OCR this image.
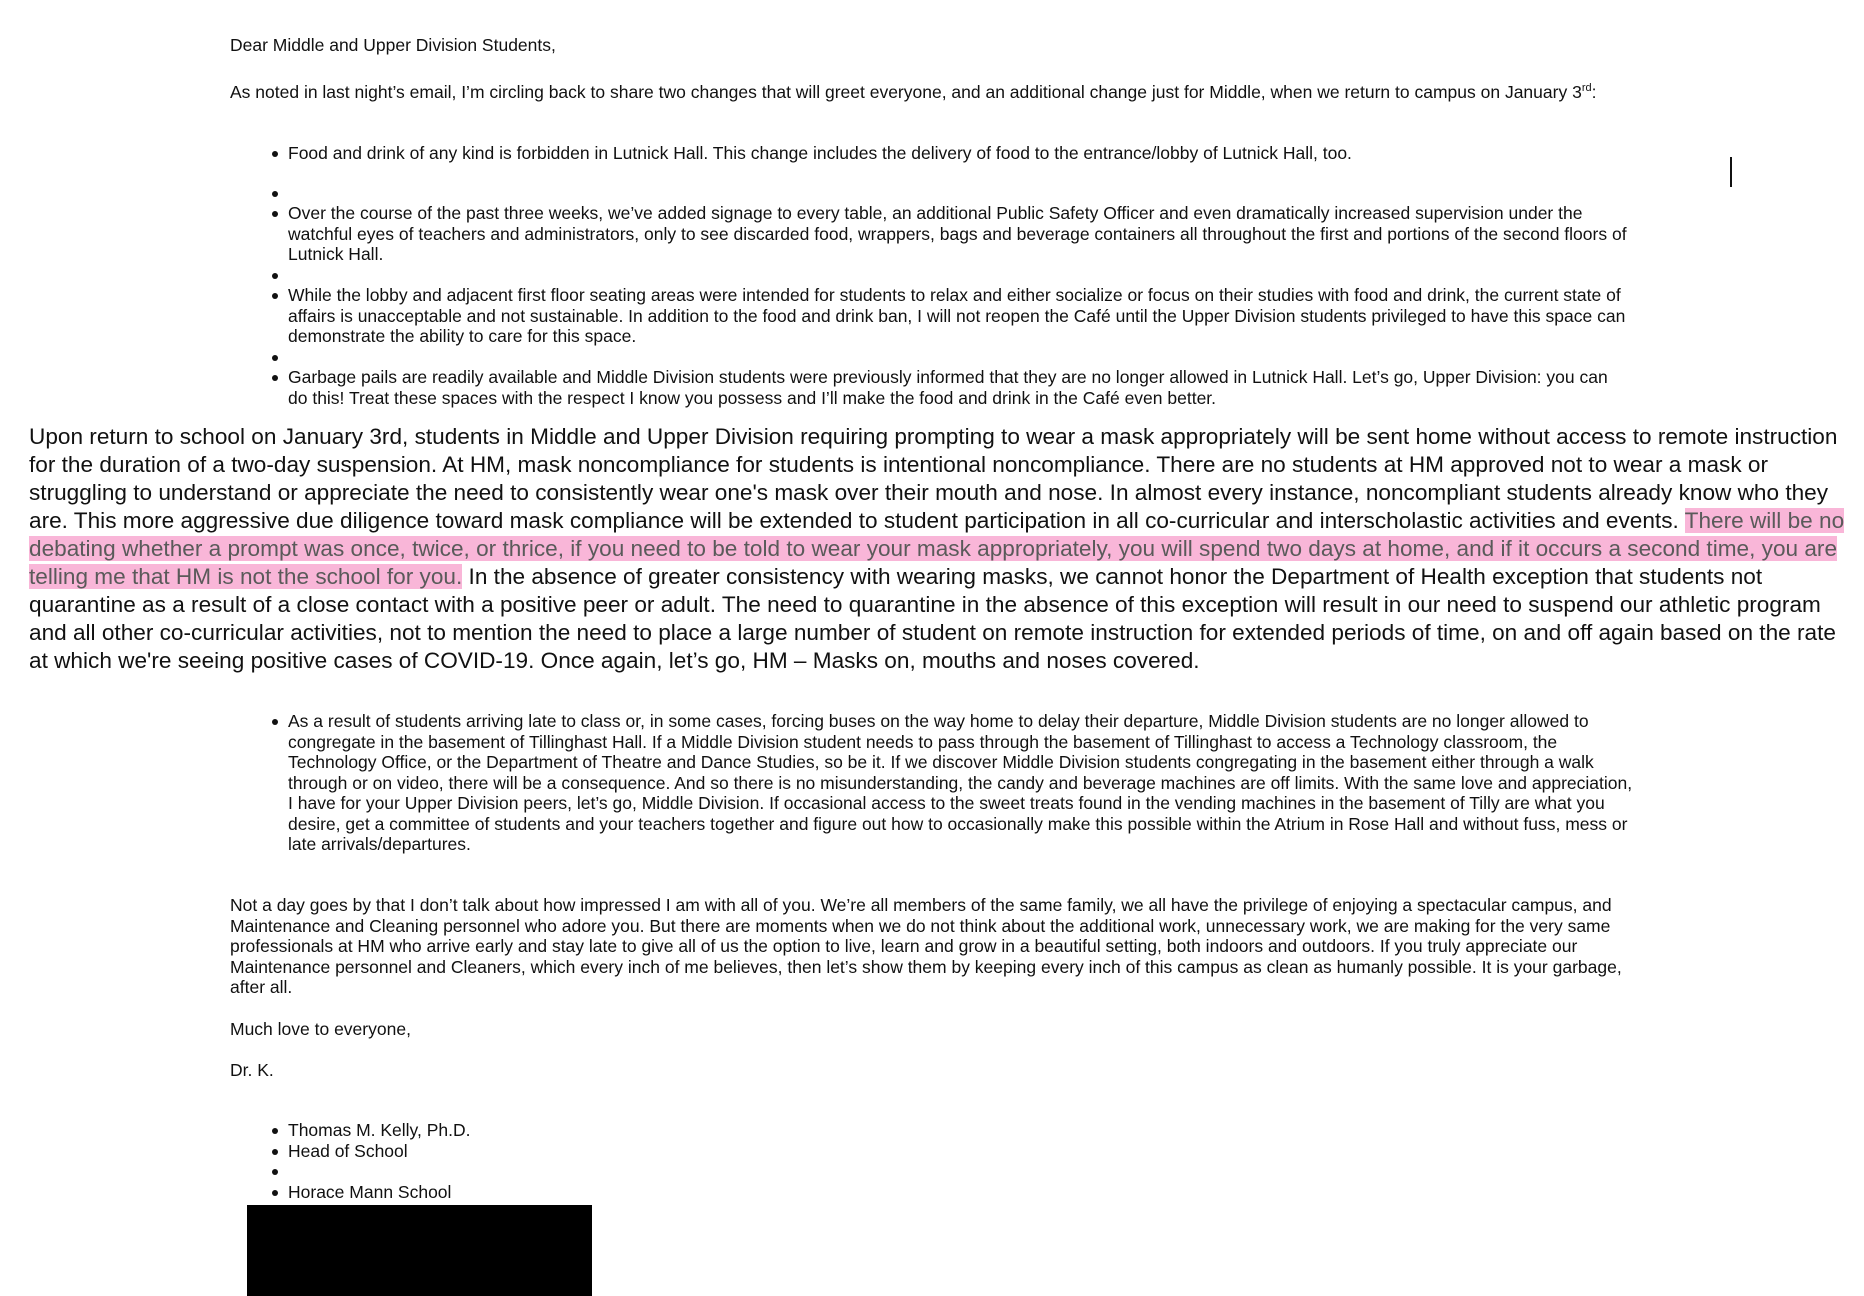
Dear Middle and Upper Division Students,

As noted in last night’s email, I’m circling back to share two changes that will greet everyone, and an additional change just for Middle, when we return to campus on January 3rd:

Food and drink of any kind is forbidden in Lutnick Hall. This change includes the delivery of food to the entrance/lobby of Lutnick Hall, too.
Over the course of the past three weeks, we’ve added signage to every table, an additional Public Safety Officer and even dramatically increased supervision under the watchful eyes of teachers and administrators, only to see discarded food, wrappers, bags and beverage containers all throughout the first and portions of the second floors of Lutnick Hall.
While the lobby and adjacent first floor seating areas were intended for students to relax and either socialize or focus on their studies with food and drink, the current state of affairs is unacceptable and not sustainable. In addition to the food and drink ban, I will not reopen the Café until the Upper Division students privileged to have this space can demonstrate the ability to care for this space.
Garbage pails are readily available and Middle Division students were previously informed that they are no longer allowed in Lutnick Hall. Let’s go, Upper Division: you can do this! Treat these spaces with the respect I know you possess and I’ll make the food and drink in the Café even better.

Upon return to school on January 3rd, students in Middle and Upper Division requiring prompting to wear a mask appropriately will be sent home without access to remote instruction for the duration of a two-day suspension. At HM, mask noncompliance for students is intentional noncompliance. There are no students at HM approved not to wear a mask or struggling to understand or appreciate the need to consistently wear one's mask over their mouth and nose. In almost every instance, noncompliant students already know who they are. This more aggressive due diligence toward mask compliance will be extended to student participation in all co-curricular and interscholastic activities and events. There will be no debating whether a prompt was once, twice, or thrice, if you need to be told to wear your mask appropriately, you will spend two days at home, and if it occurs a second time, you are telling me that HM is not the school for you. In the absence of greater consistency with wearing masks, we cannot honor the Department of Health exception that students not quarantine as a result of a close contact with a positive peer or adult. The need to quarantine in the absence of this exception will result in our need to suspend our athletic program and all other co-curricular activities, not to mention the need to place a large number of student on remote instruction for extended periods of time, on and off again based on the rate at which we're seeing positive cases of COVID-19. Once again, let’s go, HM – Masks on, mouths and noses covered.

As a result of students arriving late to class or, in some cases, forcing buses on the way home to delay their departure, Middle Division students are no longer allowed to congregate in the basement of Tillinghast Hall. If a Middle Division student needs to pass through the basement of Tillinghast to access a Technology classroom, the Technology Office, or the Department of Theatre and Dance Studies, so be it. If we discover Middle Division students congregating in the basement either through a walk through or on video, there will be a consequence. And so there is no misunderstanding, the candy and beverage machines are off limits. With the same love and appreciation, I have for your Upper Division peers, let’s go, Middle Division. If occasional access to the sweet treats found in the vending machines in the basement of Tilly are what you desire, get a committee of students and your teachers together and figure out how to occasionally make this possible within the Atrium in Rose Hall and without fuss, mess or late arrivals/departures.

Not a day goes by that I don’t talk about how impressed I am with all of you. We’re all members of the same family, we all have the privilege of enjoying a spectacular campus, and Maintenance and Cleaning personnel who adore you. But there are moments when we do not think about the additional work, unnecessary work, we are making for the very same professionals at HM who arrive early and stay late to give all of us the option to live, learn and grow in a beautiful setting, both indoors and outdoors. If you truly appreciate our Maintenance personnel and Cleaners, which every inch of me believes, then let’s show them by keeping every inch of this campus as clean as humanly possible. It is your garbage, after all.

Much love to everyone,

Dr. K.

Thomas M. Kelly, Ph.D.
Head of School
Horace Mann School
